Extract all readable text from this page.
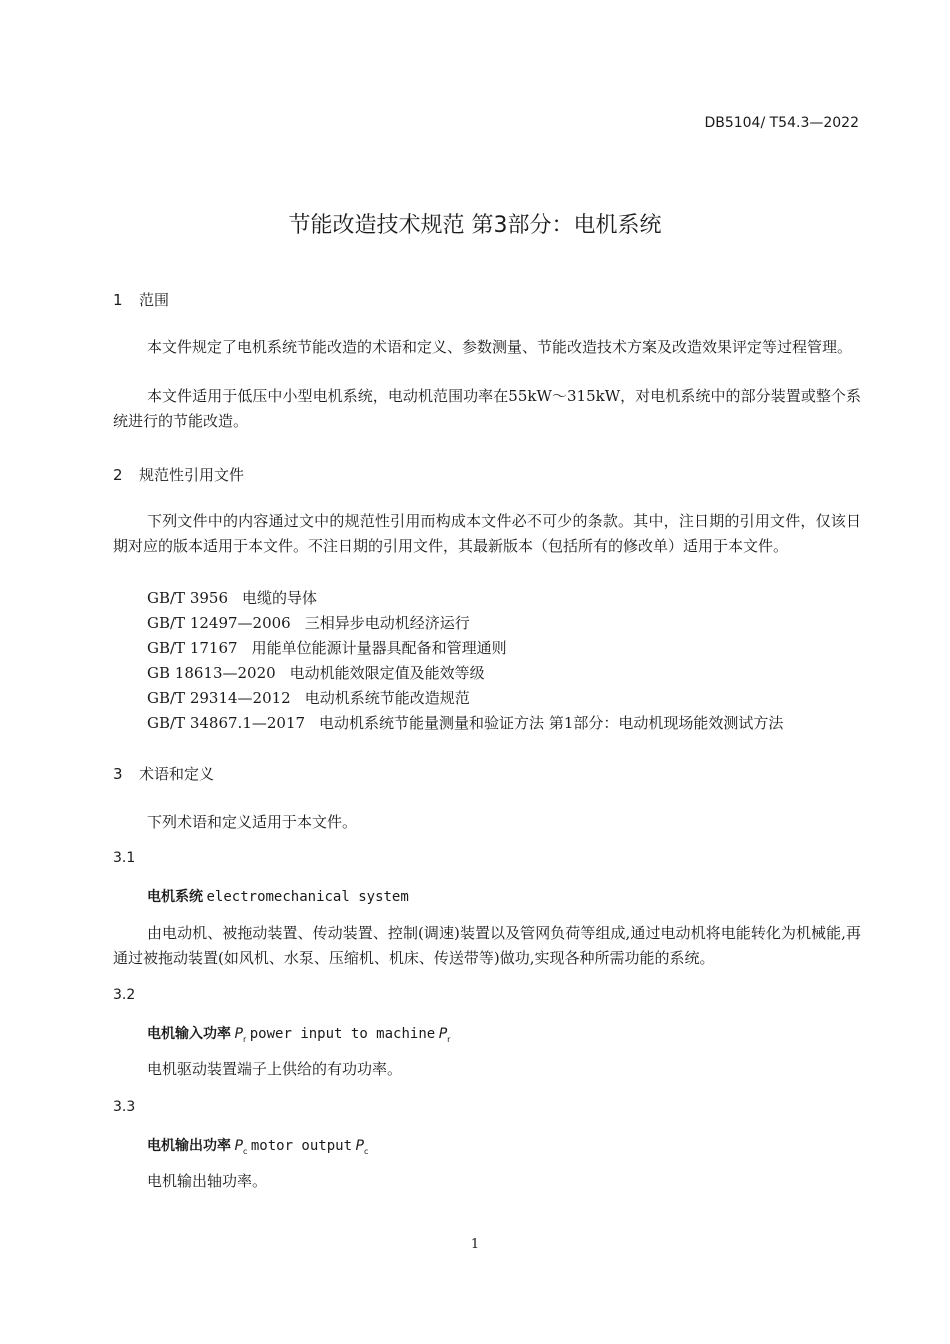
DB5104/ T54.3—2022
节能改造技术规范 第3部分：电机系统
1 范围
本文件规定了电机系统节能改造的术语和定义、参数测量、节能改造技术方案及改造效果评定等过程管理。
本文件适用于低压中小型电机系统，电动机范围功率在55kW～315kW，对电机系统中的部分装置或整个系统进行的节能改造。
2 规范性引用文件
下列文件中的内容通过文中的规范性引用而构成本文件必不可少的条款。其中，注日期的引用文件，仅该日期对应的版本适用于本文件。不注日期的引用文件，其最新版本（包括所有的修改单）适用于本文件。
GB/T 3956 电缆的导体
GB/T 12497—2006 三相异步电动机经济运行
GB/T 17167 用能单位能源计量器具配备和管理通则
GB 18613—2020 电动机能效限定值及能效等级
GB/T 29314—2012 电动机系统节能改造规范
GB/T 34867.1—2017 电动机系统节能量测量和验证方法 第1部分：电动机现场能效测试方法
3 术语和定义
下列术语和定义适用于本文件。
3.1
电机系统 electromechanical system
由电动机、被拖动装置、传动装置、控制(调速)装置以及管网负荷等组成,通过电动机将电能转化为机械能,再通过被拖动装置(如风机、水泵、压缩机、机床、传送带等)做功,实现各种所需功能的系统。
3.2
电机输入功率 $P_r$ power input to machine $P_r$
电机驱动装置端子上供给的有功功率。
3.3
电机输出功率 $P_c$ motor output $P_c$
电机输出轴功率。
1
